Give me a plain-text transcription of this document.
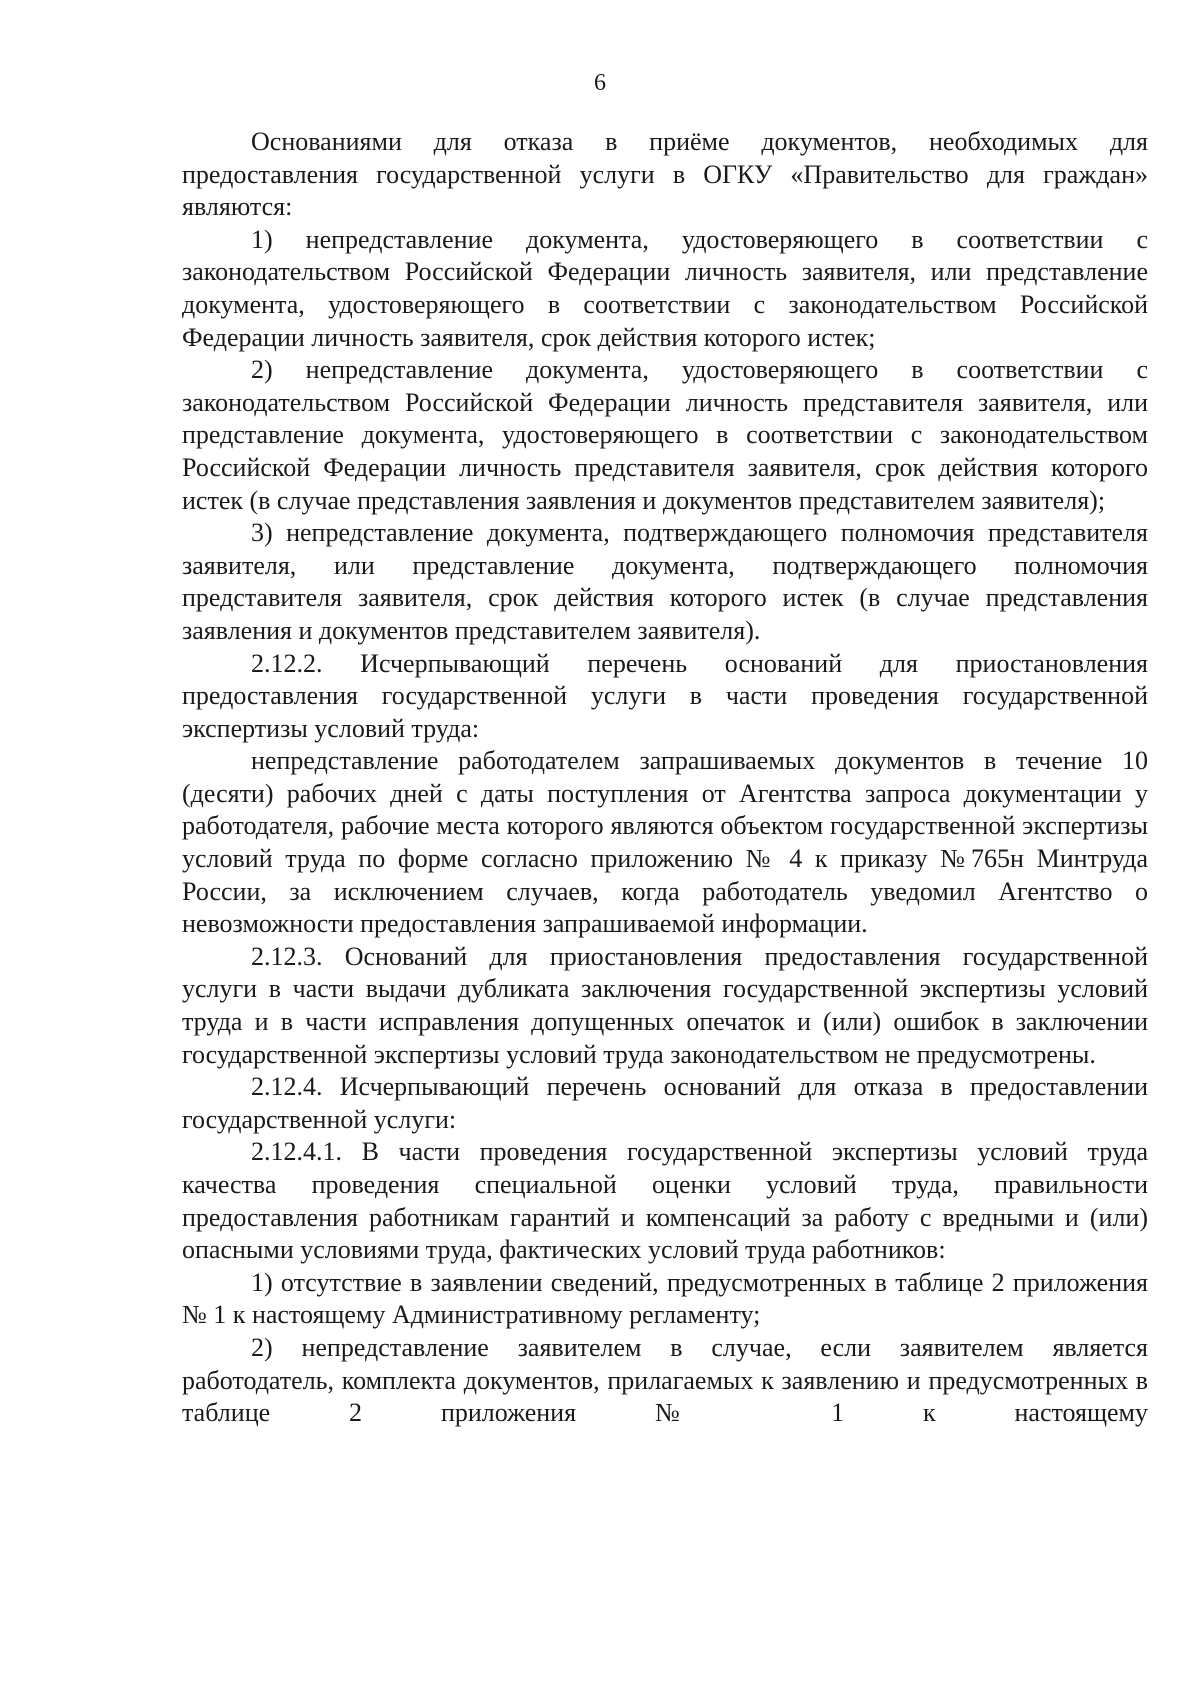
6

Основаниями для отказа в приёме документов, необходимых для предоставления государственной услуги в ОГКУ «Правительство для граждан» являются:

1) непредставление документа, удостоверяющего в соответствии с законодательством Российской Федерации личность заявителя, или представление документа, удостоверяющего в соответствии с законодательством Российской Федерации личность заявителя, срок действия которого истек;

2) непредставление документа, удостоверяющего в соответствии с законодательством Российской Федерации личность представителя заявителя, или представление документа, удостоверяющего в соответствии с законодательством Российской Федерации личность представителя заявителя, срок действия которого истек (в случае представления заявления и документов представителем заявителя);

3) непредставление документа, подтверждающего полномочия представителя заявителя, или представление документа, подтверждающего полномочия представителя заявителя, срок действия которого истек (в случае представления заявления и документов представителем заявителя).

2.12.2. Исчерпывающий перечень оснований для приостановления предоставления государственной услуги в части проведения государственной экспертизы условий труда:

непредставление работодателем запрашиваемых документов в течение 10 (десяти) рабочих дней с даты поступления от Агентства запроса документации у работодателя, рабочие места которого являются объектом государственной экспертизы условий труда по форме согласно приложению № 4 к приказу №765н Минтруда России, за исключением случаев, когда работодатель уведомил Агентство о невозможности предоставления запрашиваемой информации.

2.12.3. Оснований для приостановления предоставления государственной услуги в части выдачи дубликата заключения государственной экспертизы условий труда и в части исправления допущенных опечаток и (или) ошибок в заключении государственной экспертизы условий труда законодательством не предусмотрены.

2.12.4. Исчерпывающий перечень оснований для отказа в предоставлении государственной услуги:

2.12.4.1. В части проведения государственной экспертизы условий труда качества проведения специальной оценки условий труда, правильности предоставления работникам гарантий и компенсаций за работу с вредными и (или) опасными условиями труда, фактических условий труда работников:

1) отсутствие в заявлении сведений, предусмотренных в таблице 2 приложения № 1 к настоящему Административному регламенту;

2) непредставление заявителем в случае, если заявителем является работодатель, комплекта документов, прилагаемых к заявлению и предусмотренных в таблице 2 приложения № 1 к настоящему
